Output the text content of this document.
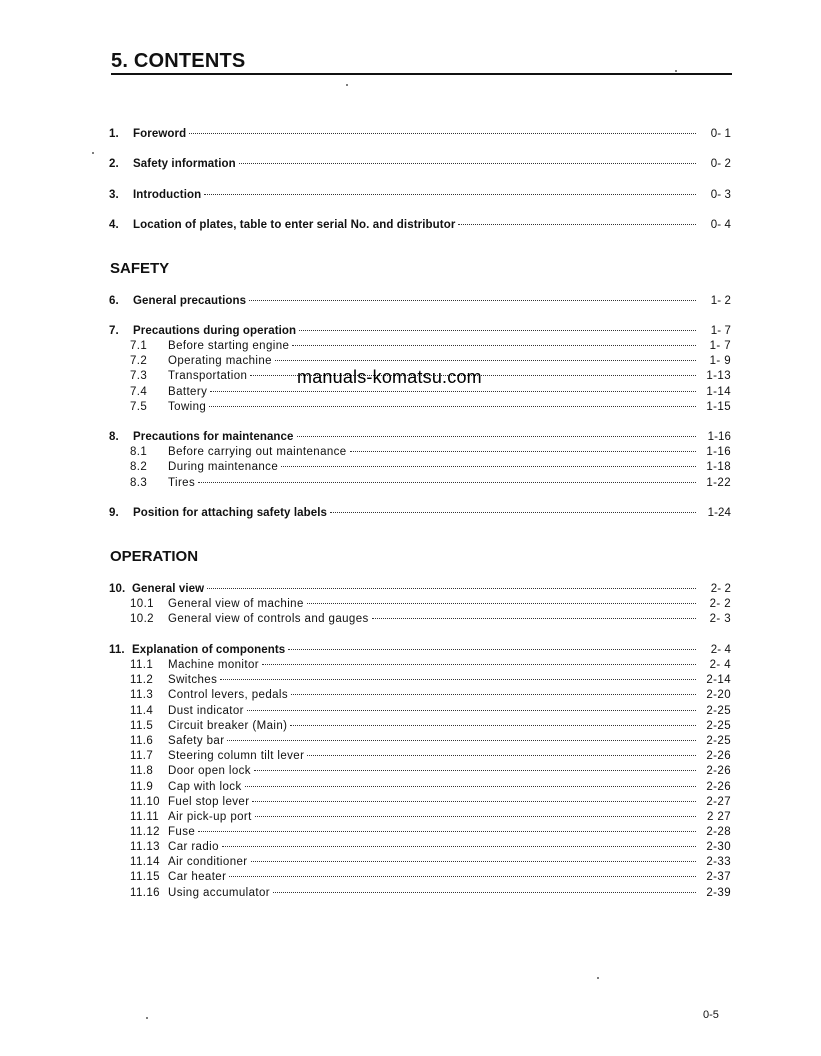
5. CONTENTS
1.	Foreword	0- 1
2.	Safety information	0- 2
3.	Introduction	0- 3
4.	Location of plates, table to enter serial No. and distributor	0- 4
SAFETY
6.	General precautions	1- 2
7.	Precautions during operation	1- 7
7.1	Before starting engine	1- 7
7.2	Operating machine	1- 9
7.3	Transportation	1-13
7.4	Battery	1-14
7.5	Towing	1-15
8.	Precautions for maintenance	1-16
8.1	Before carrying out maintenance	1-16
8.2	During maintenance	1-18
8.3	Tires	1-22
9.	Position for attaching safety labels	1-24
OPERATION
10. General view	2- 2
10.1	General view of machine	2- 2
10.2	General view of controls and gauges	2- 3
11. Explanation of components	2- 4
11.1	Machine monitor	2- 4
11.2	Switches	2-14
11.3	Control levers, pedals	2-20
11.4	Dust indicator	2-25
11.5	Circuit breaker (Main)	2-25
11.6	Safety bar	2-25
11.7	Steering column tilt lever	2-26
11.8	Door open lock	2-26
11.9	Cap with lock	2-26
11.10 Fuel stop lever	2-27
11.11 Air pick-up port	2 27
11.12 Fuse	2-28
11.13 Car radio	2-30
11.14 Air conditioner	2-33
11.15 Car heater	2-37
11.16 Using accumulator	2-39
manuals-komatsu.com
0-5
